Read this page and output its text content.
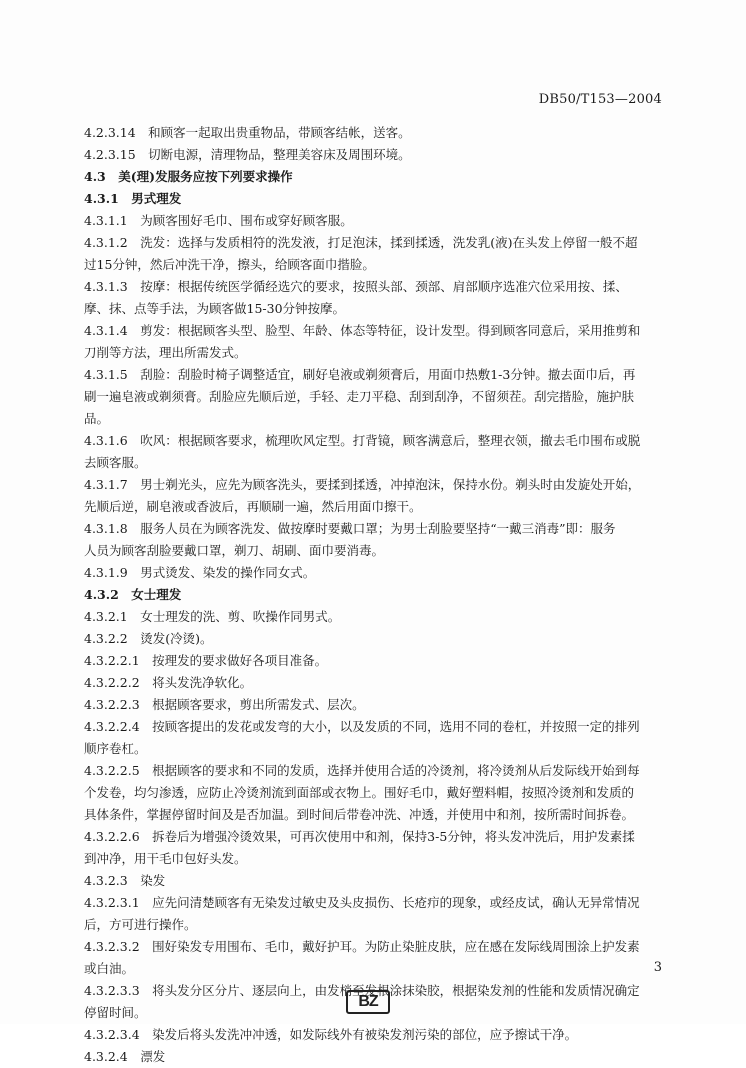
DB50/T153—2004
4.2.3.14　和顾客一起取出贵重物品，带顾客结帐，送客。
4.2.3.15　切断电源，清理物品，整理美容床及周围环境。
4.3　美(理)发服务应按下列要求操作
4.3.1　男式理发
4.3.1.1　为顾客围好毛巾、围布或穿好顾客服。
4.3.1.2　洗发：选择与发质相符的洗发液，打足泡沫，揉到揉透，洗发乳(液)在头发上停留一般不超
过15分钟，然后冲洗干净，擦头，给顾客面巾揩脸。
4.3.1.3　按摩：根据传统医学循经选穴的要求，按照头部、颈部、肩部顺序选准穴位采用按、揉、
摩、抹、点等手法，为顾客做15-30分钟按摩。
4.3.1.4　剪发：根据顾客头型、脸型、年龄、体态等特征，设计发型。得到顾客同意后，采用推剪和
刀削等方法，理出所需发式。
4.3.1.5　刮脸：刮脸时椅子调整适宜，刷好皂液或剃须膏后，用面巾热敷1-3分钟。撤去面巾后，再
刷一遍皂液或剃须膏。刮脸应先顺后逆，手轻、走刀平稳、刮到刮净，不留须茬。刮完揩脸，施护肤
品。
4.3.1.6　吹风：根据顾客要求，梳理吹风定型。打背镜，顾客满意后，整理衣领，撤去毛巾围布或脱
去顾客服。
4.3.1.7　男士剃光头，应先为顾客洗头，要揉到揉透，冲掉泡沫，保持水份。剃头时由发旋处开始，
先顺后逆，刷皂液或香波后，再顺刷一遍，然后用面巾擦干。
4.3.1.8　服务人员在为顾客洗发、做按摩时要戴口罩；为男士刮脸要坚持“一戴三消毒”即：服务
人员为顾客刮脸要戴口罩，剃刀、胡刷、面巾要消毒。
4.3.1.9　男式烫发、染发的操作同女式。
4.3.2　女士理发
4.3.2.1　女士理发的洗、剪、吹操作同男式。
4.3.2.2　烫发(冷烫)。
4.3.2.2.1　按理发的要求做好各项目准备。
4.3.2.2.2　将头发洗净软化。
4.3.2.2.3　根据顾客要求，剪出所需发式、层次。
4.3.2.2.4　按顾客提出的发花或发弯的大小，以及发质的不同，选用不同的卷杠，并按照一定的排列
顺序卷杠。
4.3.2.2.5　根据顾客的要求和不同的发质，选择并使用合适的冷烫剂，将冷烫剂从后发际线开始到每
个发卷，均匀渗透，应防止冷烫剂流到面部或衣物上。围好毛巾，戴好塑料帽，按照冷烫剂和发质的
具体条件，掌握停留时间及是否加温。到时间后带卷冲洗、冲透，并使用中和剂，按所需时间拆卷。
4.3.2.2.6　拆卷后为增强冷烫效果，可再次使用中和剂，保持3-5分钟，将头发冲洗后，用护发素揉
到冲净，用干毛巾包好头发。
4.3.2.3　染发
4.3.2.3.1　应先问清楚顾客有无染发过敏史及头皮损伤、长疮疖的现象，或经皮试，确认无异常情况
后，方可进行操作。
4.3.2.3.2　围好染发专用围布、毛巾，戴好护耳。为防止染脏皮肤，应在感在发际线周围涂上护发素
或白油。
4.3.2.3.3　将头发分区分片、逐层向上，由发梢至发根涂抹染胶，根据染发剂的性能和发质情况确定
停留时间。
4.3.2.3.4　染发后将头发洗冲冲透，如发际线外有被染发剂污染的部位，应予擦试干净。
4.3.2.4　漂发
3
BZ
